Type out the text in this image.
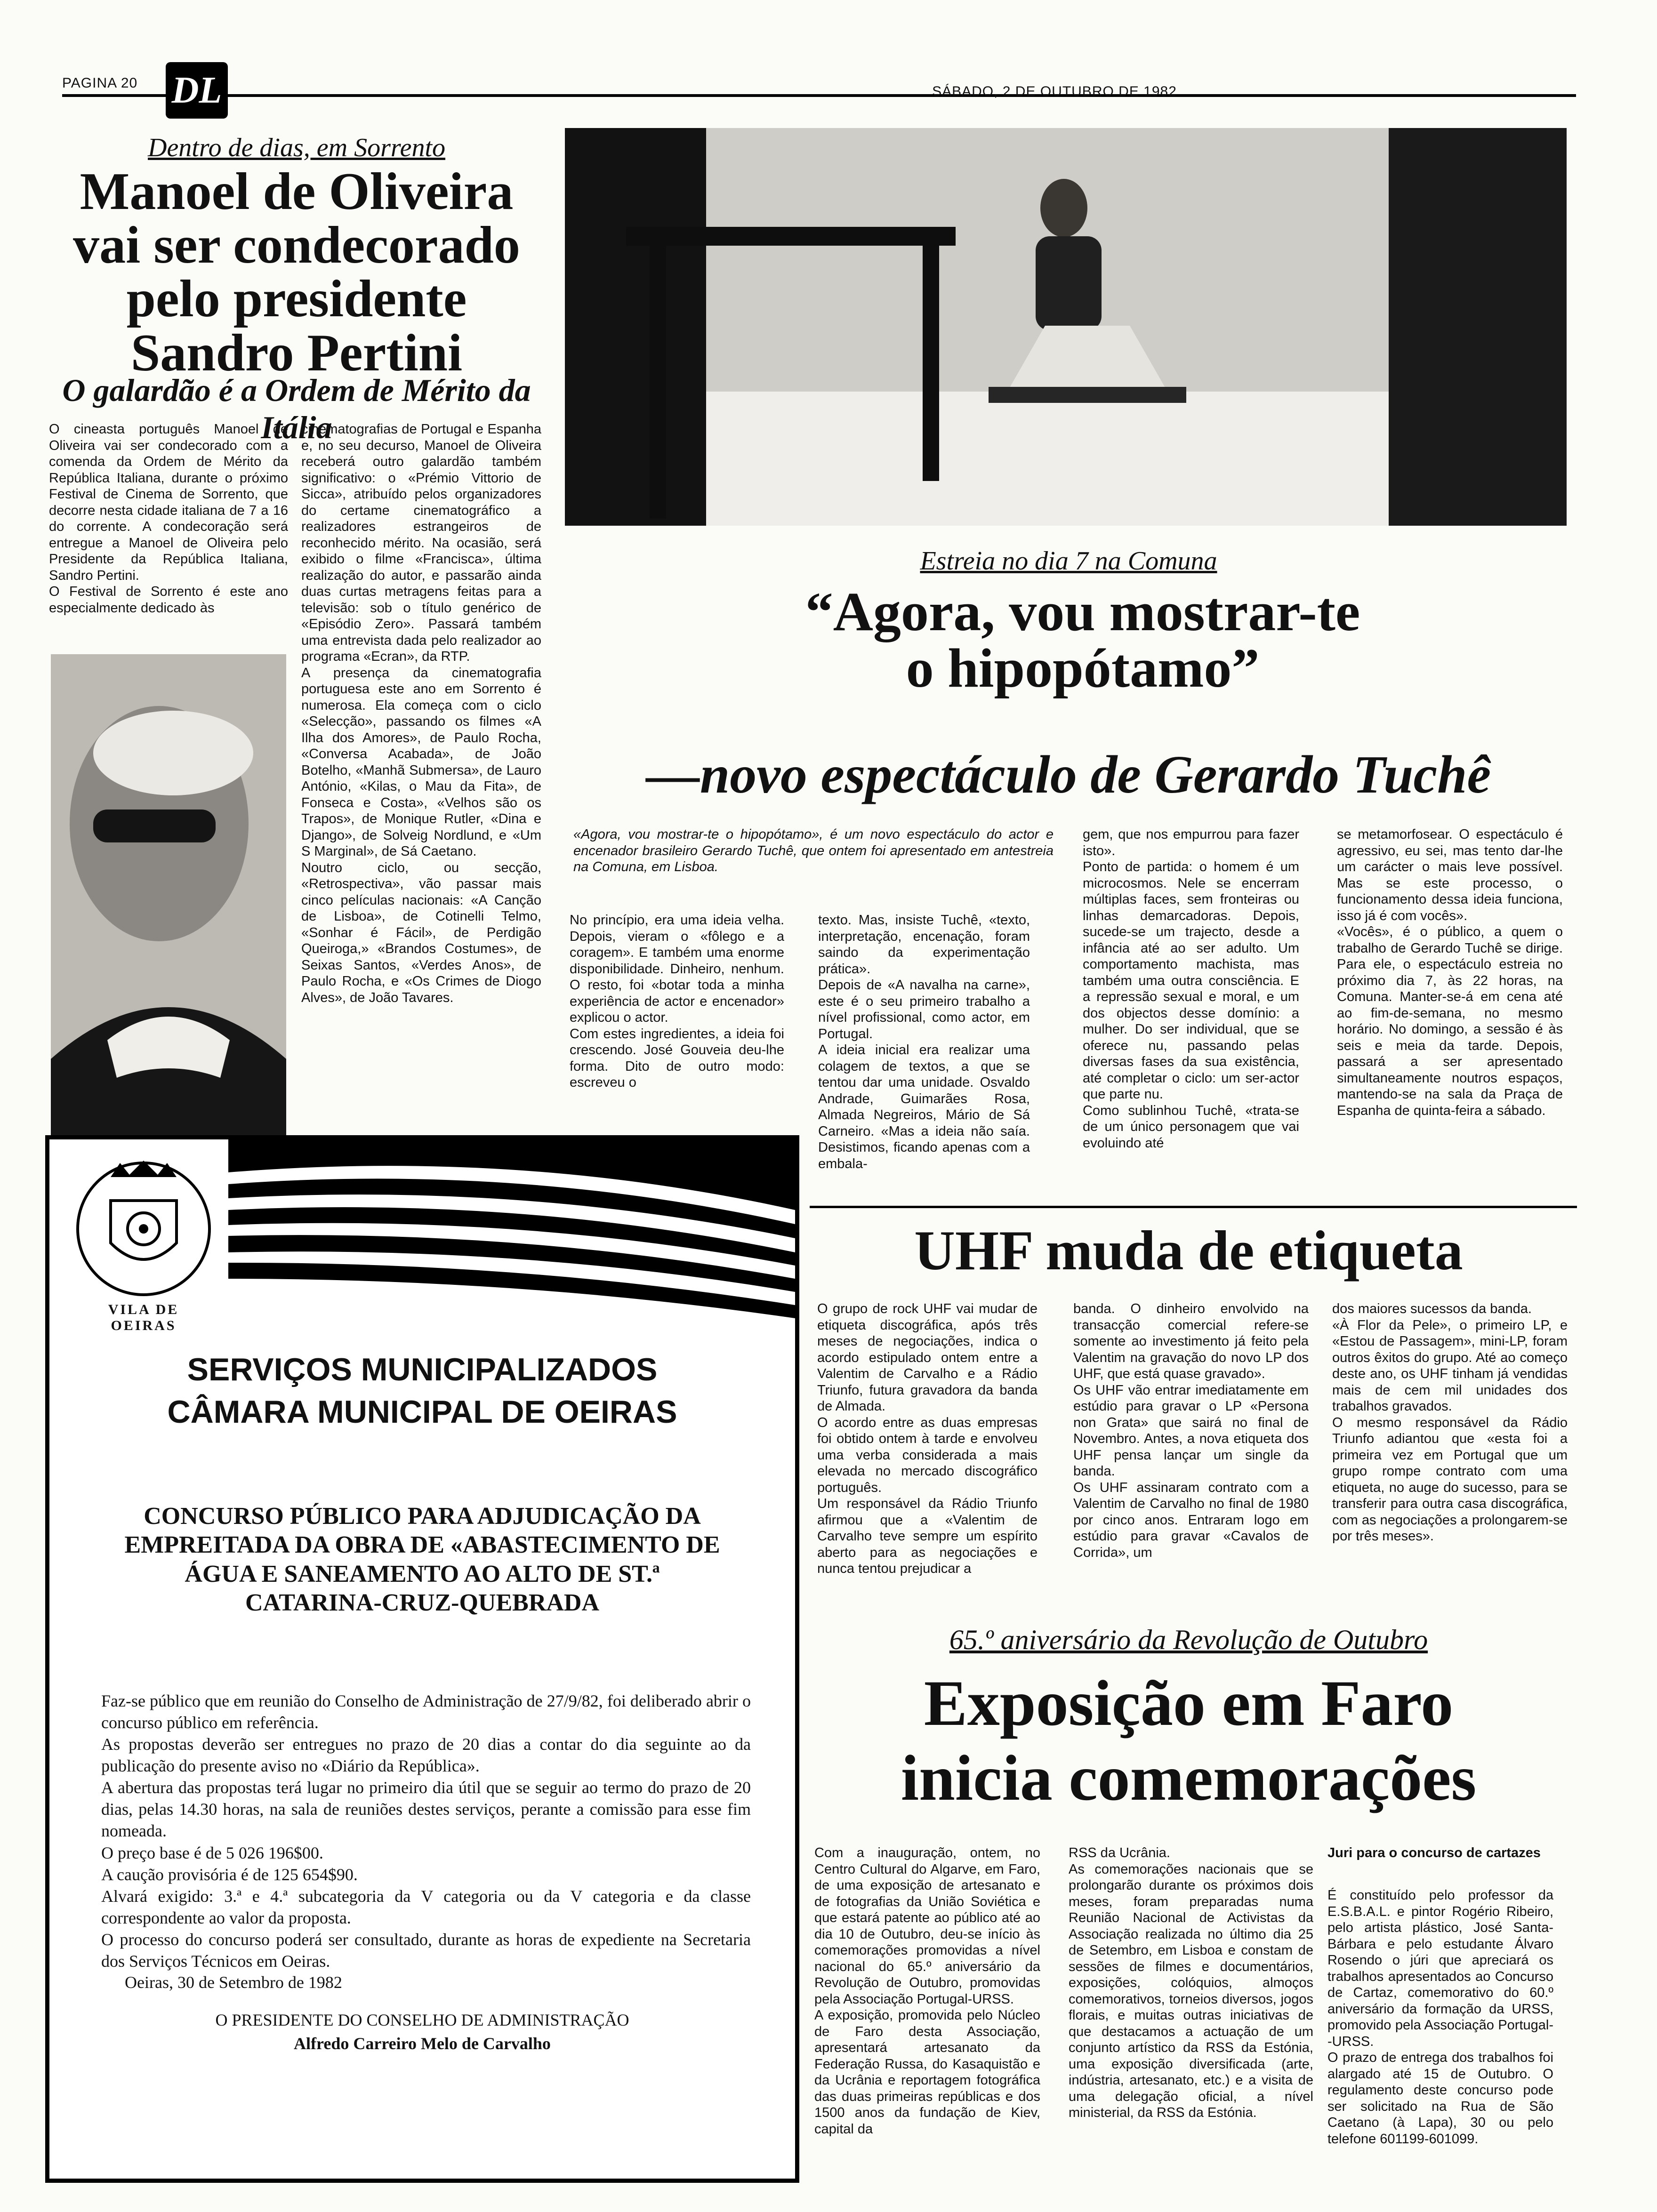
PAGINA 20 DL	SÁBADO, 2 DE OUTUBRO DE 1982
Dentro de dias, em Sorrento
Manoel de Oliveira
vai ser condecorado
pelo presidente
Sandro Pertini
O galardão é a Ordem de Mérito da Itália
O cineasta português Manoel de Oliveira vai ser condecorado com a comenda da Ordem de Mérito da República Italiana, durante o próximo Festival de Cinema de Sorrento, que decorre nesta cidade italiana de 7 a 16 do corrente. A condecoração será entregue a Manoel de Oliveira pelo Presidente da República Italiana, Sandro Pertini.
O Festival de Sorrento é este ano especialmente dedicado às
cinematografias de Portugal e Espanha e, no seu decurso, Manoel de Oliveira receberá outro galardão também significativo: o «Prémio Vittorio de Sicca», atribuído pelos organizadores do certame cinematográfico a realizadores estrangeiros de reconhecido mérito. Na ocasião, será exibido o filme «Francisca», última realização do autor, e passarão ainda duas curtas metragens feitas para a televisão: sob o título genérico de «Episódio Zero». Passará também uma entrevista dada pelo realizador ao programa «Ecran», da RTP.
A presença da cinematografia portuguesa este ano em Sorrento é numerosa. Ela começa com o ciclo «Selecção», passando os filmes «A Ilha dos Amores», de Paulo Rocha, «Conversa Acabada», de João Botelho, «Manhã Submersa», de Lauro António, «Kilas, o Mau da Fita», de Fonseca e Costa», «Velhos são os Trapos», de Monique Rutler, «Dina e Django», de Solveig Nordlund, e «Um S Marginal», de Sá Caetano.
Noutro ciclo, ou secção, «Retrospectiva», vão passar mais cinco películas nacionais: «A Canção de Lisboa», de Cotinelli Telmo, «Sonhar é Fácil», de Perdigão Queiroga,» «Brandos Costumes», de Seixas Santos, «Verdes Anos», de Paulo Rocha, e «Os Crimes de Diogo Alves», de João Tavares.
Estreia no dia 7 na Comuna
“Agora, vou mostrar-te
o hipopótamo”
—novo espectáculo de Gerardo Tuchê
«Agora, vou mostrar-te o hipopótamo», é um novo espectáculo do actor e encenador brasileiro Gerardo Tuchê, que ontem foi apresentado em antestreia na Comuna, em Lisboa.
No princípio, era uma ideia velha. Depois, vieram o «fôlego e a coragem». E também uma enorme disponibilidade. Dinheiro, nenhum. O resto, foi «botar toda a minha experiência de actor e encenador» explicou o actor.
Com estes ingredientes, a ideia foi crescendo. José Gouveia deu-lhe forma. Dito de outro modo: escreveu o
texto. Mas, insiste Tuchê, «texto, interpretação, encenação, foram saindo da experimentação prática».
Depois de «A navalha na carne», este é o seu primeiro trabalho a nível profissional, como actor, em Portugal.
A ideia inicial era realizar uma colagem de textos, a que se tentou dar uma unidade. Osvaldo Andrade, Guimarães Rosa, Almada Negreiros, Mário de Sá Carneiro. «Mas a ideia não saía. Desistimos, ficando apenas com a embala-
gem, que nos empurrou para fazer isto».
Ponto de partida: o homem é um microcosmos. Nele se encerram múltiplas faces, sem fronteiras ou linhas demarcadoras. Depois, sucede-se um trajecto, desde a infância até ao ser adulto. Um comportamento machista, mas também uma outra consciência. E a repressão sexual e moral, e um dos objectos desse domínio: a mulher. Do ser individual, que se oferece nu, passando pelas diversas fases da sua existência, até completar o ciclo: um ser-actor que parte nu.
Como sublinhou Tuchê, «trata-se de um único personagem que vai evoluindo até
se metamorfosear. O espectáculo é agressivo, eu sei, mas tento dar-lhe um carácter o mais leve possível. Mas se este processo, o funcionamento dessa ideia funciona, isso já é com vocês».
«Vocês», é o público, a quem o trabalho de Gerardo Tuchê se dirige. Para ele, o espectáculo estreia no próximo dia 7, às 22 horas, na Comuna. Manter-se-á em cena até ao fim-de-semana, no mesmo horário. No domingo, a sessão é às seis e meia da tarde. Depois, passará a ser apresentado simultaneamente noutros espaços, mantendo-se na sala da Praça de Espanha de quinta-feira a sábado.
VILA DE OEIRAS
SERVIÇOS MUNICIPALIZADOS
CÂMARA MUNICIPAL DE OEIRAS
CONCURSO PÚBLICO PARA ADJUDICAÇÃO DA
EMPREITADA DA OBRA DE «ABASTECIMENTO DE
ÁGUA E SANEAMENTO AO ALTO DE ST.ª
CATARINA-CRUZ-QUEBRADA
Faz-se público que em reunião do Conselho de Administração de 27/9/82, foi deliberado abrir o concurso público em referência.
As propostas deverão ser entregues no prazo de 20 dias a contar do dia seguinte ao da publicação do presente aviso no «Diário da República».
A abertura das propostas terá lugar no primeiro dia útil que se seguir ao termo do prazo de 20 dias, pelas 14.30 horas, na sala de reuniões destes serviços, perante a comissão para esse fim nomeada.
O preço base é de 5 026 196$00.
A caução provisória é de 125 654$90.
Alvará exigido: 3.ª e 4.ª subcategoria da V categoria ou da V categoria e da classe correspondente ao valor da proposta.
O processo do concurso poderá ser consultado, durante as horas de expediente na Secretaria dos Serviços Técnicos em Oeiras.
Oeiras, 30 de Setembro de 1982
O PRESIDENTE DO CONSELHO DE ADMINISTRAÇÃO
Alfredo Carreiro Melo de Carvalho
UHF muda de etiqueta
O grupo de rock UHF vai mudar de etiqueta discográfica, após três meses de negociações, indica o acordo estipulado ontem entre a Valentim de Carvalho e a Rádio Triunfo, futura gravadora da banda de Almada.
O acordo entre as duas empresas foi obtido ontem à tarde e envolveu uma verba considerada a mais elevada no mercado discográfico português.
Um responsável da Rádio Triunfo afirmou que a «Valentim de Carvalho teve sempre um espírito aberto para as negociações e nunca tentou prejudicar a
banda. O dinheiro envolvido na transacção comercial refere-se somente ao investimento já feito pela Valentim na gravação do novo LP dos UHF, que está quase gravado».
Os UHF vão entrar imediatamente em estúdio para gravar o LP «Persona non Grata» que sairá no final de Novembro. Antes, a nova etiqueta dos UHF pensa lançar um single da banda.
Os UHF assinaram contrato com a Valentim de Carvalho no final de 1980 por cinco anos. Entraram logo em estúdio para gravar «Cavalos de Corrida», um
dos maiores sucessos da banda.
«À Flor da Pele», o primeiro LP, e «Estou de Passagem», mini-LP, foram outros êxitos do grupo. Até ao começo deste ano, os UHF tinham já vendidas mais de cem mil unidades dos trabalhos gravados.
O mesmo responsável da Rádio Triunfo adiantou que «esta foi a primeira vez em Portugal que um grupo rompe contrato com uma etiqueta, no auge do sucesso, para se transferir para outra casa discográfica, com as negociações a prolongarem-se por três meses».
65.º aniversário da Revolução de Outubro
Exposição em Faro
inicia comemorações
Com a inauguração, ontem, no Centro Cultural do Algarve, em Faro, de uma exposição de artesanato e de fotografias da União Soviética e que estará patente ao público até ao dia 10 de Outubro, deu-se início às comemorações promovidas a nível nacional do 65.º aniversário da Revolução de Outubro, promovidas pela Associação Portugal-URSS.
A exposição, promovida pelo Núcleo de Faro desta Associação, apresentará artesanato da Federação Russa, do Kasaquistão e da Ucrânia e reportagem fotográfica das duas primeiras repúblicas e dos 1500 anos da fundação de Kiev, capital da
RSS da Ucrânia.
As comemorações nacionais que se prolongarão durante os próximos dois meses, foram preparadas numa Reunião Nacional de Activistas da Associação realizada no último dia 25 de Setembro, em Lisboa e constam de sessões de filmes e documentários, exposições, colóquios, almoços comemorativos, torneios diversos, jogos florais, e muitas outras iniciativas de que destacamos a actuação de um conjunto artístico da RSS da Estónia, uma exposição diversificada (arte, indústria, artesanato, etc.) e a visita de uma delegação oficial, a nível ministerial, da RSS da Estónia.
Juri para o concurso de cartazes
É constituído pelo professor da E.S.B.A.L. e pintor Rogério Ribeiro, pelo artista plástico, José Santa-Bárbara e pelo estudante Álvaro Rosendo o júri que apreciará os trabalhos apresentados ao Concurso de Cartaz, comemorativo do 60.º aniversário da formação da URSS, promovido pela Associação Portugal--URSS.
O prazo de entrega dos trabalhos foi alargado até 15 de Outubro. O regulamento deste concurso pode ser solicitado na Rua de São Caetano (à Lapa), 30 ou pelo telefone 601199-601099.
